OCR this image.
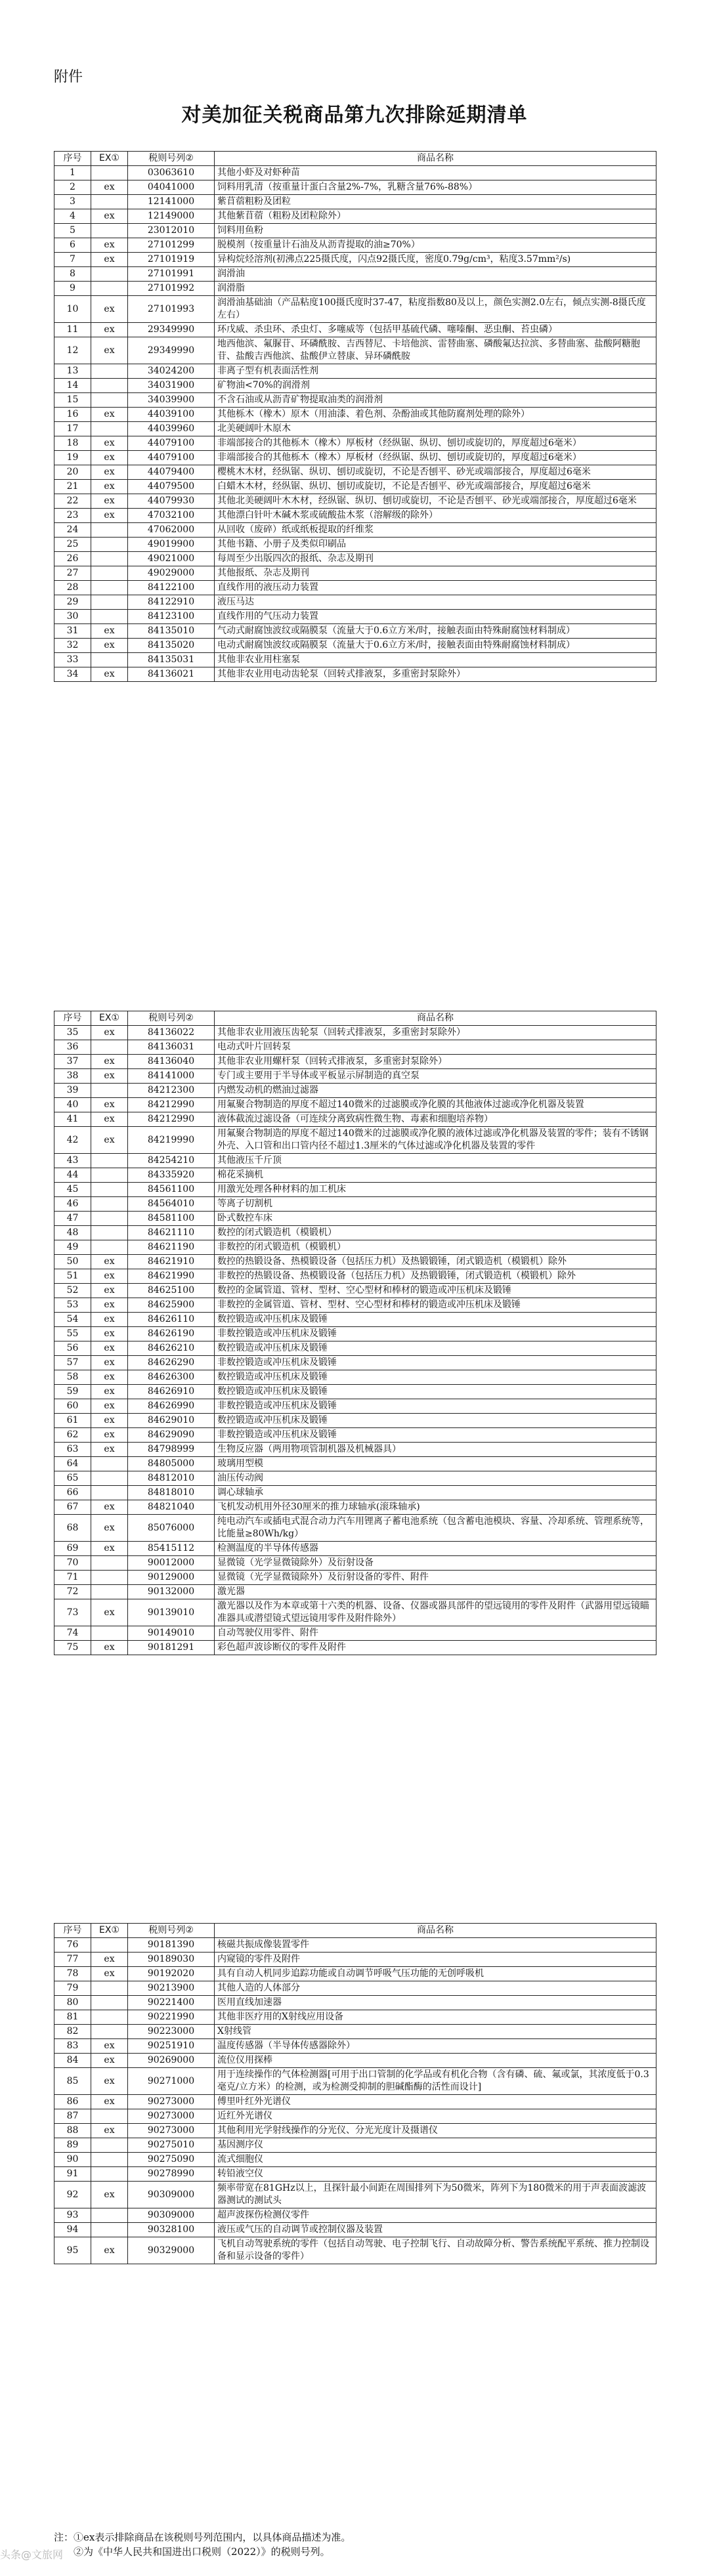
附件
对美加征关税商品第九次排除延期清单
序号	EX①	税则号列②	商品名称
1		03063610	其他小虾及对虾种苗
2	ex	04041000	饲料用乳清（按重量计蛋白含量2%-7%，乳糖含量76%-88%）
3		12141000	紫苜蓿粗粉及团粒
4	ex	12149000	其他紫苜蓿（粗粉及团粒除外）
5		23012010	饲料用鱼粉
6	ex	27101299	脱模剂（按重量计石油及从沥青提取的油≥70%）
7	ex	27101919	异构烷烃溶剂(初沸点225摄氏度，闪点92摄氏度，密度0.79g/cm³，粘度3.57mm²/s)
8		27101991	润滑油
9		27101992	润滑脂
10	ex	27101993	润滑油基础油（产品粘度100摄氏度时37-47，粘度指数80及以上，颜色实测2.0左右，倾点实测-8摄氏度左右）
11	ex	29349990	环戊威、杀虫环、杀虫灯、多噻威等（包括甲基硫代磷、噻嗪酮、恶虫酮、苔虫磷）
12	ex	29349990	地西他滨、氟脲苷、环磷酰胺、吉西替尼、卡培他滨、雷替曲塞、磷酸氟达拉滨、多替曲塞、盐酸阿糖胞苷、盐酸吉西他滨、盐酸伊立替康、异环磷酰胺
13		34024200	非离子型有机表面活性剂
14		34031900	矿物油<70%的润滑剂
15		34039900	不含石油或从沥青矿物提取油类的润滑剂
16	ex	44039100	其他栎木（橡木）原木（用油漆、着色剂、杂酚油或其他防腐剂处理的除外）
17		44039960	北美硬阔叶木原木
18	ex	44079100	非端部接合的其他栎木（橡木）厚板材（经纵锯、纵切、刨切或旋切的，厚度超过6毫米）
19	ex	44079100	非端部接合的其他栎木（橡木）厚板材（经纵锯、纵切、刨切或旋切的，厚度超过6毫米）
20	ex	44079400	樱桃木木材，经纵锯、纵切、刨切或旋切，不论是否刨平、砂光或端部接合，厚度超过6毫米
21	ex	44079500	白蜡木木材，经纵锯、纵切、刨切或旋切，不论是否刨平、砂光或端部接合，厚度超过6毫米
22	ex	44079930	其他北美硬阔叶木木材，经纵锯、纵切、刨切或旋切，不论是否刨平、砂光或端部接合，厚度超过6毫米
23	ex	47032100	其他漂白针叶木碱木浆或硫酸盐木浆（溶解级的除外）
24		47062000	从回收（废碎）纸或纸板提取的纤维浆
25		49019900	其他书籍、小册子及类似印刷品
26		49021000	每周至少出版四次的报纸、杂志及期刊
27		49029000	其他报纸、杂志及期刊
28		84122100	直线作用的液压动力装置
29		84122910	液压马达
30		84123100	直线作用的气压动力装置
31	ex	84135010	气动式耐腐蚀波纹或隔膜泵（流量大于0.6立方米/时，接触表面由特殊耐腐蚀材料制成）
32	ex	84135020	电动式耐腐蚀波纹或隔膜泵（流量大于0.6立方米/时，接触表面由特殊耐腐蚀材料制成）
33		84135031	其他非农业用柱塞泵
34	ex	84136021	其他非农业用电动齿轮泵（回转式排液泵，多重密封泵除外）
序号	EX①	税则号列②	商品名称
35	ex	84136022	其他非农业用液压齿轮泵（回转式排液泵，多重密封泵除外）
36		84136031	电动式叶片回转泵
37	ex	84136040	其他非农业用螺杆泵（回转式排液泵，多重密封泵除外）
38	ex	84141000	专门或主要用于半导体或平板显示屏制造的真空泵
39		84212300	内燃发动机的燃油过滤器
40	ex	84212990	用氟聚合物制造的厚度不超过140微米的过滤膜或净化膜的其他液体过滤或净化机器及装置
41	ex	84212990	液体截流过滤设备（可连续分离致病性微生物、毒素和细胞培养物）
42	ex	84219990	用氟聚合物制造的厚度不超过140微米的过滤膜或净化膜的液体过滤或净化机器及装置的零件；装有不锈钢外壳、入口管和出口管内径不超过1.3厘米的气体过滤或净化机器及装置的零件
43		84254210	其他液压千斤顶
44		84335920	棉花采摘机
45		84561100	用激光处理各种材料的加工机床
46		84564010	等离子切割机
47		84581100	卧式数控车床
48		84621110	数控的闭式锻造机（模锻机）
49		84621190	非数控的闭式锻造机（模锻机）
50	ex	84621910	数控的热锻设备、热模锻设备（包括压力机）及热锻锻锤，闭式锻造机（模锻机）除外
51	ex	84621990	非数控的热锻设备、热模锻设备（包括压力机）及热锻锻锤，闭式锻造机（模锻机）除外
52	ex	84625100	数控的金属管道、管材、型材、空心型材和棒材的锻造或冲压机床及锻锤
53	ex	84625900	非数控的金属管道、管材、型材、空心型材和棒材的锻造或冲压机床及锻锤
54	ex	84626110	数控锻造或冲压机床及锻锤
55	ex	84626190	非数控锻造或冲压机床及锻锤
56	ex	84626210	数控锻造或冲压机床及锻锤
57	ex	84626290	非数控锻造或冲压机床及锻锤
58	ex	84626300	数控锻造或冲压机床及锻锤
59	ex	84626910	数控锻造或冲压机床及锻锤
60	ex	84626990	非数控锻造或冲压机床及锻锤
61	ex	84629010	数控锻造或冲压机床及锻锤
62	ex	84629090	非数控锻造或冲压机床及锻锤
63	ex	84798999	生物反应器（两用物项管制机器及机械器具）
64		84805000	玻璃用型模
65		84812010	油压传动阀
66		84818010	调心球轴承
67	ex	84821040	飞机发动机用外径30厘米的推力球轴承(滚珠轴承)
68	ex	85076000	纯电动汽车或插电式混合动力汽车用锂离子蓄电池系统（包含蓄电池模块、容量、冷却系统、管理系统等，比能量≥80Wh/kg）
69	ex	85415112	检测温度的半导体传感器
70		90012000	显微镜（光学显微镜除外）及衍射设备
71		90129000	显微镜（光学显微镜除外）及衍射设备的零件、附件
72		90132000	激光器
73	ex	90139010	激光器以及作为本章或第十六类的机器、设备、仪器或器具部件的望远镜用的零件及附件（武器用望远镜瞄准器具或潜望镜式望远镜用零件及附件除外）
74		90149010	自动驾驶仪用零件、附件
75	ex	90181291	彩色超声波诊断仪的零件及附件
序号	EX①	税则号列②	商品名称
76		90181390	核磁共振成像装置零件
77	ex	90189030	内窥镜的零件及附件
78	ex	90192020	具有自动人机同步追踪功能或自动调节呼吸气压功能的无创呼吸机
79		90213900	其他人造的人体部分
80		90221400	医用直线加速器
81		90221990	其他非医疗用的X射线应用设备
82		90223000	X射线管
83	ex	90251910	温度传感器（半导体传感器除外）
84	ex	90269000	流位仪用探棒
85	ex	90271000	用于连续操作的气体检测器[可用于出口管制的化学品或有机化合物（含有磷、硫、氟或氯，其浓度低于0.3毫克/立方米）的检测，或为检测受抑制的胆碱酯酶的活性而设计]
86	ex	90273000	傅里叶红外光谱仪
87		90273000	近红外光谱仪
88	ex	90273000	其他利用光学射线操作的分光仪、分光光度计及摄谱仪
89		90275010	基因测序仪
90		90275090	流式细胞仪
91		90278990	转铅液空仪
92	ex	90309000	频率带宽在81GHz以上，且探针最小间距在周围排列下为50微米，阵列下为180微米的用于声表面波滤波器测试的测试头
93		90309000	超声波探伤检测仪零件
94		90328100	液压或气压的自动调节或控制仪器及装置
95	ex	90329000	飞机自动驾驶系统的零件（包括自动驾驶、电子控制飞行、自动故障分析、警告系统配平系统、推力控制设备和显示设备的零件）
注：①ex表示排除商品在该税则号列范围内，以具体商品描述为准。
②为《中华人民共和国进出口税则（2022）》的税则号列。
头条@文旅网
